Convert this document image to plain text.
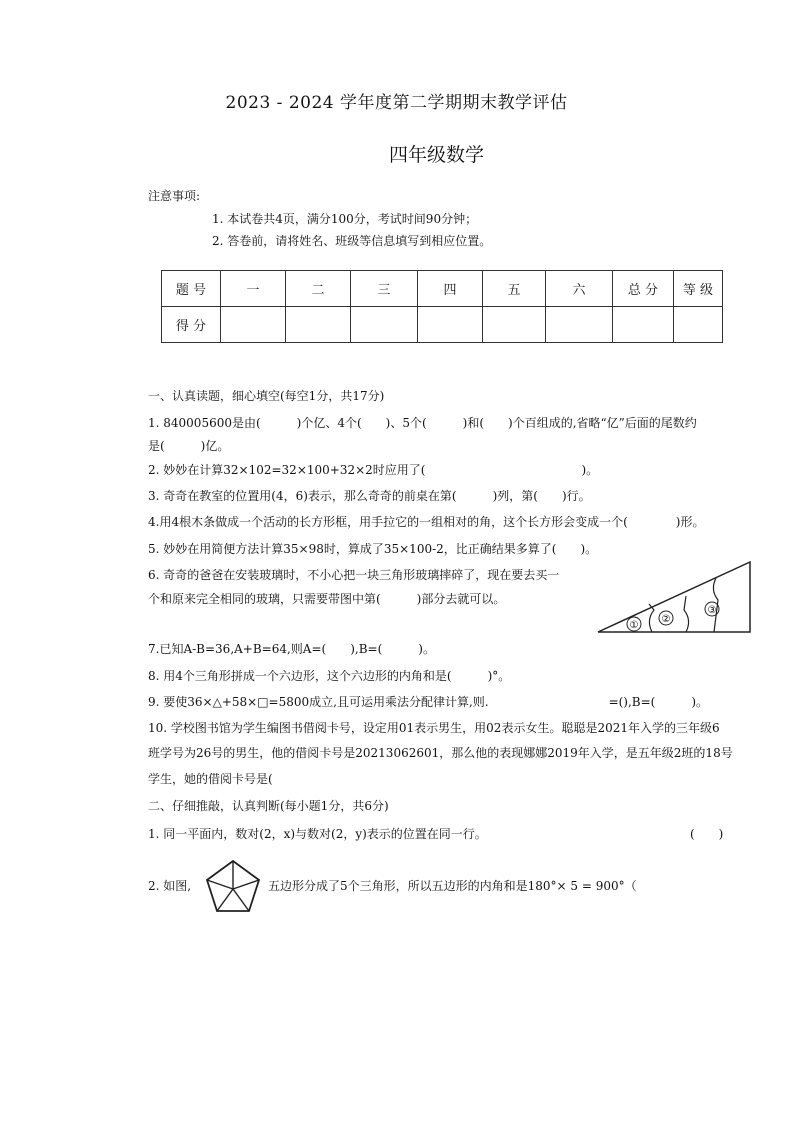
2023 - 2024 学年度第二学期期末教学评估
四年级数学
注意事项:
1. 本试卷共4页，满分100分，考试时间90分钟；
2. 答卷前，请将姓名、班级等信息填写到相应位置。
题 号	一	二	三	四	五	六	总 分	等 级
得 分								
一、认真读题，细心填空(每空1分，共17分)
1. 840005600是由(　　　)个亿、4个(　　)、5个(　　　)和(　　)个百组成的,省略“亿”后面的尾数约
是(　　　)亿。
2. 妙妙在计算32×102=32×100+32×2时应用了(　　　　　　　　　　　　　)。
3. 奇奇在教室的位置用(4，6)表示，那么奇奇的前桌在第(　　　)列，第(　　)行。
4.用4根木条做成一个活动的长方形框，用手拉它的一组相对的角，这个长方形会变成一个(　　　　)形。
5. 妙妙在用简便方法计算35×98时，算成了35×100-2，比正确结果多算了(　　)。
6. 奇奇的爸爸在安装玻璃时，不小心把一块三角形玻璃摔碎了，现在要去买一
个和原来完全相同的玻璃，只需要带图中第(　　　)部分去就可以。
①
②
③
7.已知A-B=36,A+B=64,则A=(　　),B=(　　　)。
8. 用4个三角形拼成一个六边形，这个六边形的内角和是(　　　)°。
9. 要使36×△+58×□=5800成立,且可运用乘法分配律计算,则.　　　　　　　　　　=(),B=(　　　)。
10. 学校图书馆为学生编图书借阅卡号，设定用01表示男生，用02表示女生。聪聪是2021年入学的三年级6
班学号为26号的男生，他的借阅卡号是20213062601，那么他的表现娜娜2019年入学，是五年级2班的18号
学生，她的借阅卡号是(
二、仔细推敲，认真判断(每小题1分，共6分)
1. 同一平面内，数对(2，x)与数对(2，y)表示的位置在同一行。	(　　)
2. 如图,	五边形分成了5个三角形，所以五边形的内角和是180°× 5 = 900°（
